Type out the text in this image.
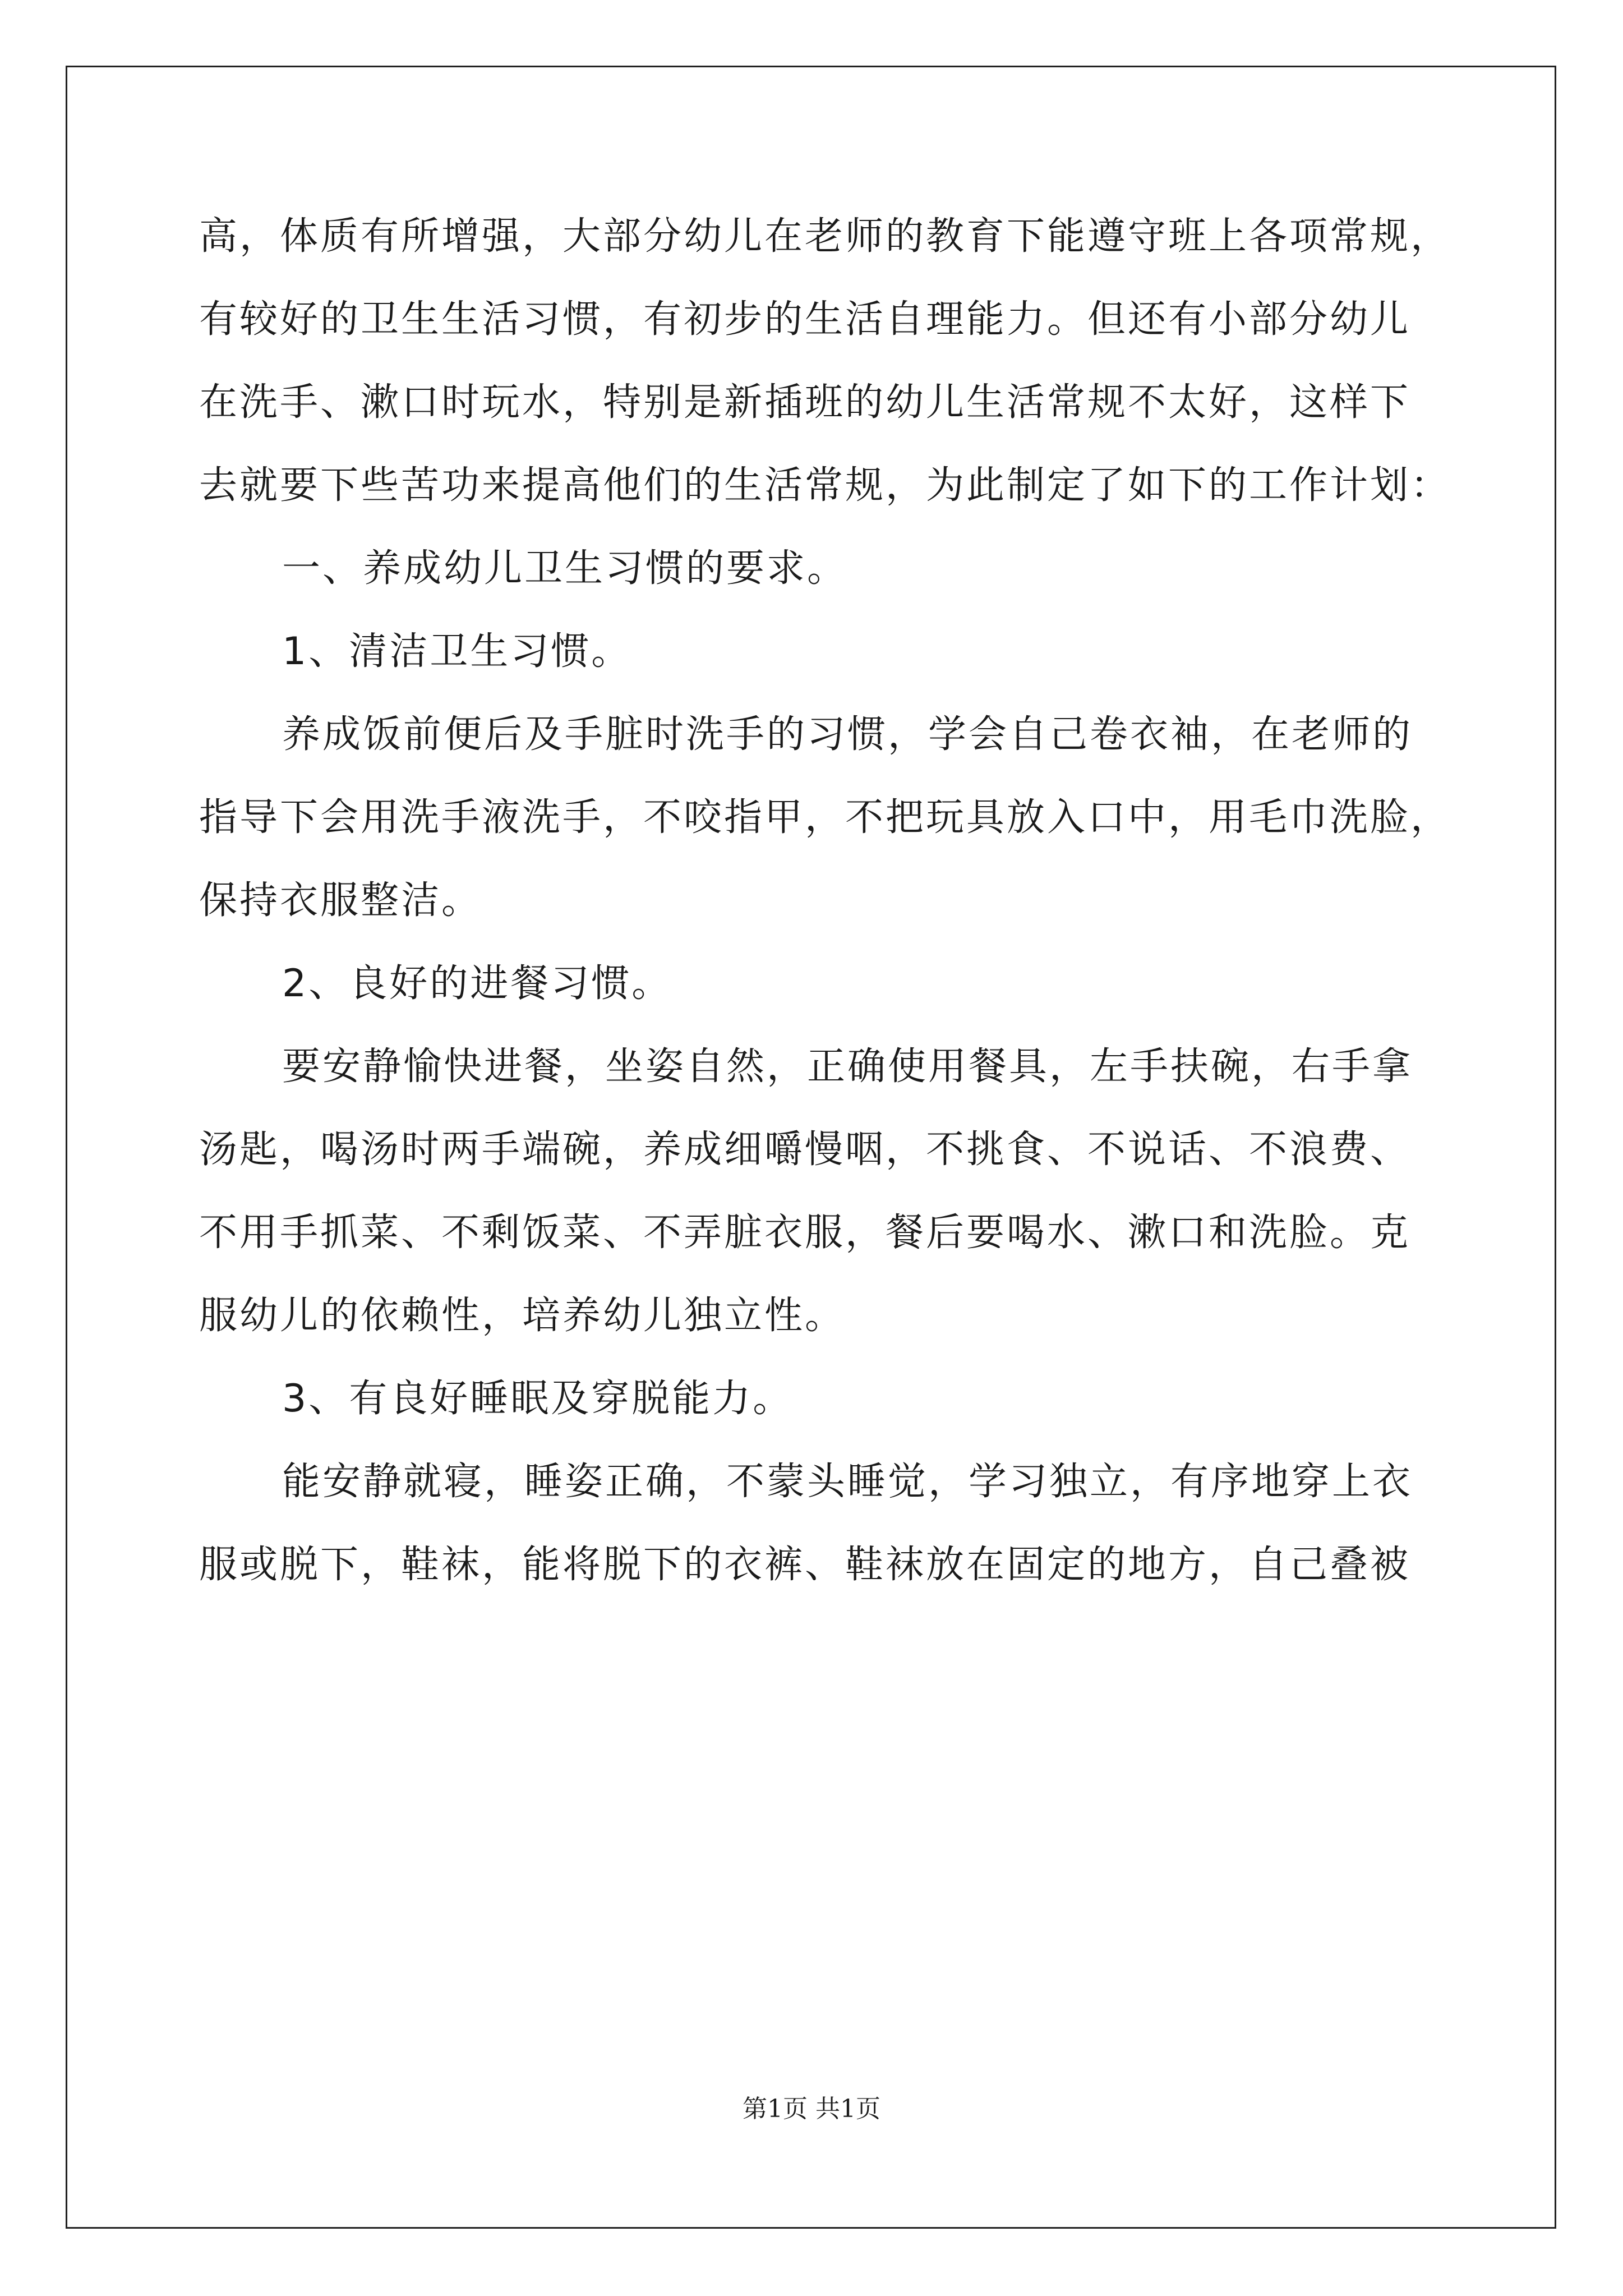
高，体质有所增强，大部分幼儿在老师的教育下能遵守班上各项常规，
有较好的卫生生活习惯，有初步的生活自理能力。但还有小部分幼儿
在洗手、漱口时玩水，特别是新插班的幼儿生活常规不太好，这样下
去就要下些苦功来提高他们的生活常规，为此制定了如下的工作计划：
一、养成幼儿卫生习惯的要求。
1、清洁卫生习惯。
养成饭前便后及手脏时洗手的习惯，学会自己卷衣袖，在老师的
指导下会用洗手液洗手，不咬指甲，不把玩具放入口中，用毛巾洗脸，
保持衣服整洁。
2、良好的进餐习惯。
要安静愉快进餐，坐姿自然，正确使用餐具，左手扶碗，右手拿
汤匙，喝汤时两手端碗，养成细嚼慢咽，不挑食、不说话、不浪费、
不用手抓菜、不剩饭菜、不弄脏衣服，餐后要喝水、漱口和洗脸。克
服幼儿的依赖性，培养幼儿独立性。
3、有良好睡眠及穿脱能力。
能安静就寝，睡姿正确，不蒙头睡觉，学习独立，有序地穿上衣
服或脱下，鞋袜，能将脱下的衣裤、鞋袜放在固定的地方，自己叠被
第1页 共1页
